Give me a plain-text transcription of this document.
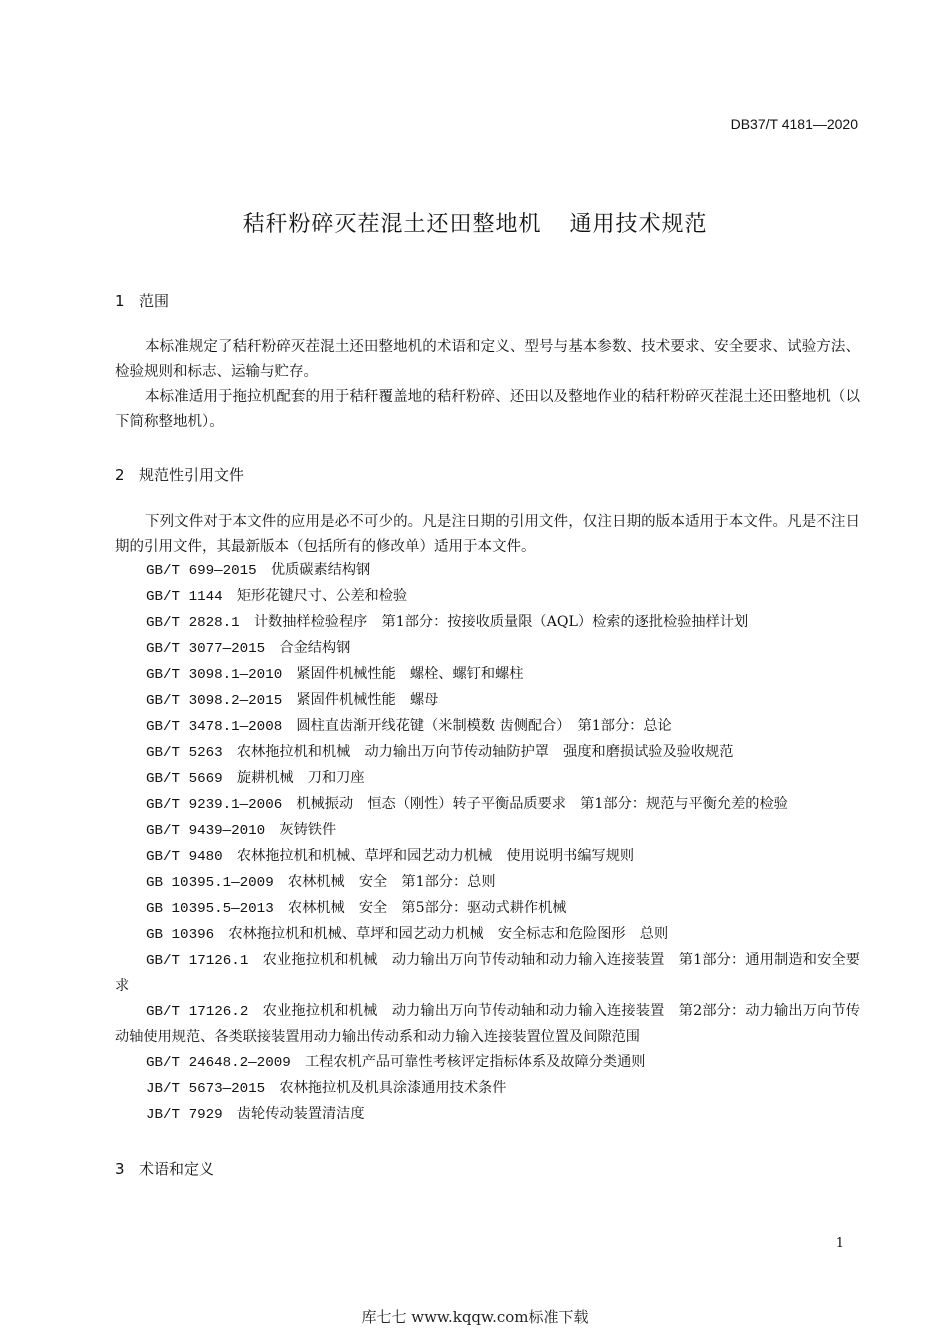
DB37/T 4181—2020
秸秆粉碎灭茬混土还田整地机 通用技术规范
1 范围
本标准规定了秸秆粉碎灭茬混土还田整地机的术语和定义、型号与基本参数、技术要求、安全要求、试验方法、检验规则和标志、运输与贮存。
本标准适用于拖拉机配套的用于秸秆覆盖地的秸秆粉碎、还田以及整地作业的秸秆粉碎灭茬混土还田整地机（以下简称整地机）。
2 规范性引用文件
下列文件对于本文件的应用是必不可少的。凡是注日期的引用文件，仅注日期的版本适用于本文件。凡是不注日期的引用文件，其最新版本（包括所有的修改单）适用于本文件。
GB/T 699—2015  优质碳素结构钢
GB/T 1144  矩形花键尺寸、公差和检验
GB/T 2828.1  计数抽样检验程序　第1部分：按接收质量限（AQL）检索的逐批检验抽样计划
GB/T 3077—2015  合金结构钢
GB/T 3098.1—2010  紧固件机械性能　螺栓、螺钉和螺柱
GB/T 3098.2—2015  紧固件机械性能　螺母
GB/T 3478.1—2008  圆柱直齿渐开线花键（米制模数 齿侧配合）　第1部分：总论
GB/T 5263  农林拖拉机和机械　动力输出万向节传动轴防护罩　强度和磨损试验及验收规范
GB/T 5669  旋耕机械　刀和刀座
GB/T 9239.1—2006  机械振动　恒态（刚性）转子平衡品质要求　第1部分：规范与平衡允差的检验
GB/T 9439—2010  灰铸铁件
GB/T 9480  农林拖拉机和机械、草坪和园艺动力机械　使用说明书编写规则
GB 10395.1—2009  农林机械　安全　第1部分：总则
GB 10395.5—2013  农林机械　安全　第5部分：驱动式耕作机械
GB 10396  农林拖拉机和机械、草坪和园艺动力机械　安全标志和危险图形　总则
GB/T 17126.1  农业拖拉机和机械　动力输出万向节传动轴和动力输入连接装置　第1部分：通用制造和安全要求
GB/T 17126.2  农业拖拉机和机械　动力输出万向节传动轴和动力输入连接装置　第2部分：动力输出万向节传动轴使用规范、各类联接装置用动力输出传动系和动力输入连接装置位置及间隙范围
GB/T 24648.2—2009  工程农机产品可靠性考核评定指标体系及故障分类通则
JB/T 5673—2015  农林拖拉机及机具涂漆通用技术条件
JB/T 7929  齿轮传动装置清洁度
3 术语和定义
1
库七七 www.kqqw.com标准下载
